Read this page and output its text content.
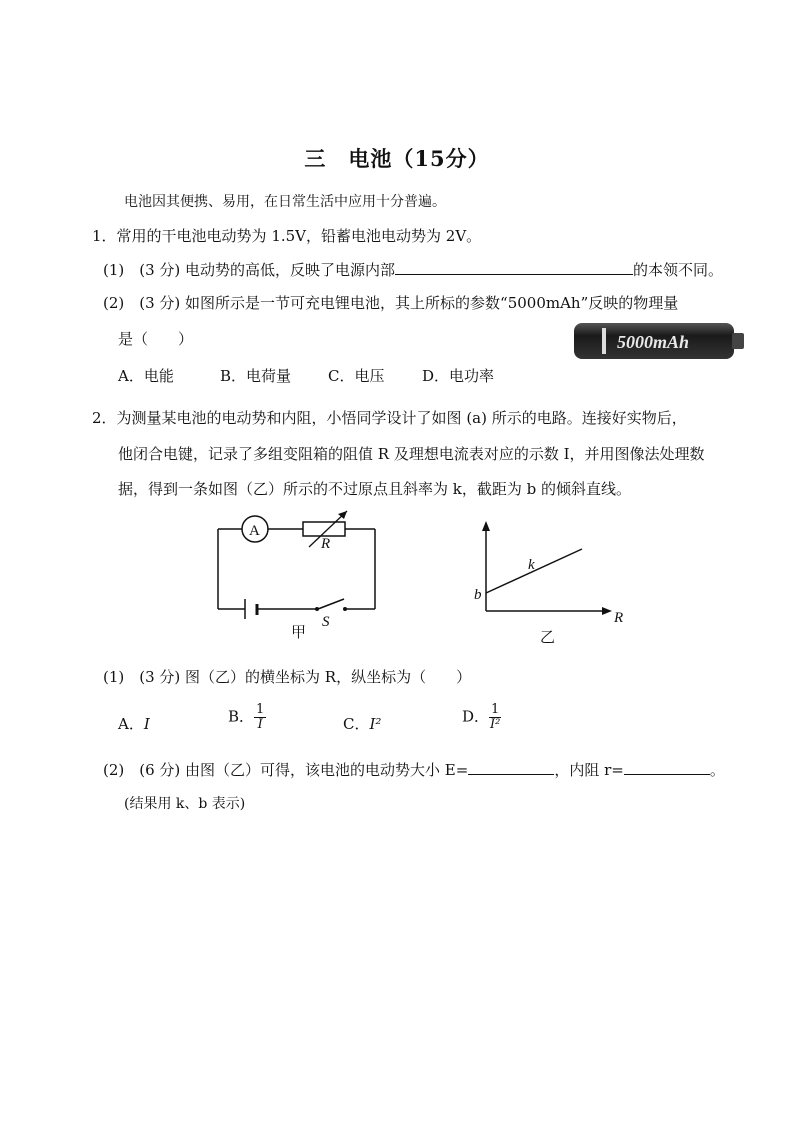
三　电池（15分）
电池因其便携、易用，在日常生活中应用十分普遍。
1．常用的干电池电动势为 1.5V，铅蓄电池电动势为 2V。
(1)　(3 分) 电动势的高低，反映了电源内部	的本领不同。
(2)　(3 分) 如图所示是一节可充电锂电池，其上所标的参数“5000mAh”反映的物理量
是（　　）	5000mAh
A．电能	B．电荷量 C．电压	D．电功率
2．为测量某电池的电动势和内阻，小悟同学设计了如图 (a) 所示的电路。连接好实物后，
他闭合电键，记录了多组变阻箱的阻值 R 及理想电流表对应的示数 I，并用图像法处理数
据，得到一条如图（乙）所示的不过原点且斜率为 k，截距为 b 的倾斜直线。
A
R
S
甲
k
b
R
乙
(1)　(3 分) 图（乙）的横坐标为 R，纵坐标为（　　）
A．I	B． $\frac{1}{I}$	C．I²	D． $\frac{1}{\text{I²}}$
(2)　(6 分) 由图（乙）可得，该电池的电动势大小 E=	，内阻 r=	。
(结果用 k、b 表示)
